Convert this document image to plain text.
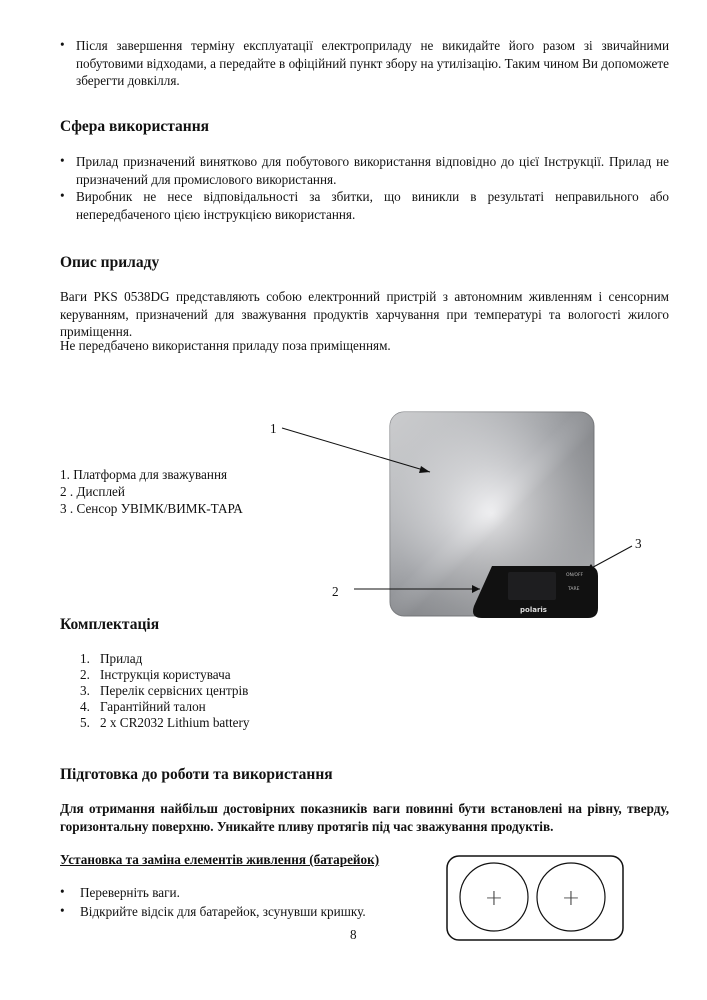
• Після завершення терміну експлуатації електроприладу не викидайте його разом зі звичайними побутовими відходами, а передайте в офіційний пункт збору на утилізацію. Таким чином Ви допоможете зберегти довкілля.
Сфера використання
• Прилад призначений винятково для побутового використання відповідно до цієї Інструкції. Прилад не призначений для промислового використання.
• Виробник не несе відповідальності за збитки, що виникли в результаті неправильного або непередбаченого цією інструкцією використання.
Опис приладу
Ваги PKS 0538DG представляють собою електронний пристрій з автономним живленням і сенсорним керуванням, призначений для зважування продуктів харчування при температурі та вологості жилого приміщення.
Не передбачено використання приладу поза приміщенням.
1. Платформа для зважування
2 . Дисплей
3 . Сенсор УВІМК/ВИМК-ТАРА
1
2
3
polaris
ON/OFF
TARE
Комплектація
1. Прилад
2. Інструкція користувача
3. Перелік сервісних центрів
4. Гарантійний талон
5. 2 x CR2032 Lithium battery
Підготовка до роботи та використання
Для отримання найбільш достовірних показників ваги повинні бути встановлені на рівну, тверду, горизонтальну поверхню. Уникайте пливу протягів під час зважування продуктів.
Установка та заміна елементів живлення (батарейок)
• Переверніть ваги.
• Відкрийте відсік для батарейок, зсунувши кришку.
+	+
8
